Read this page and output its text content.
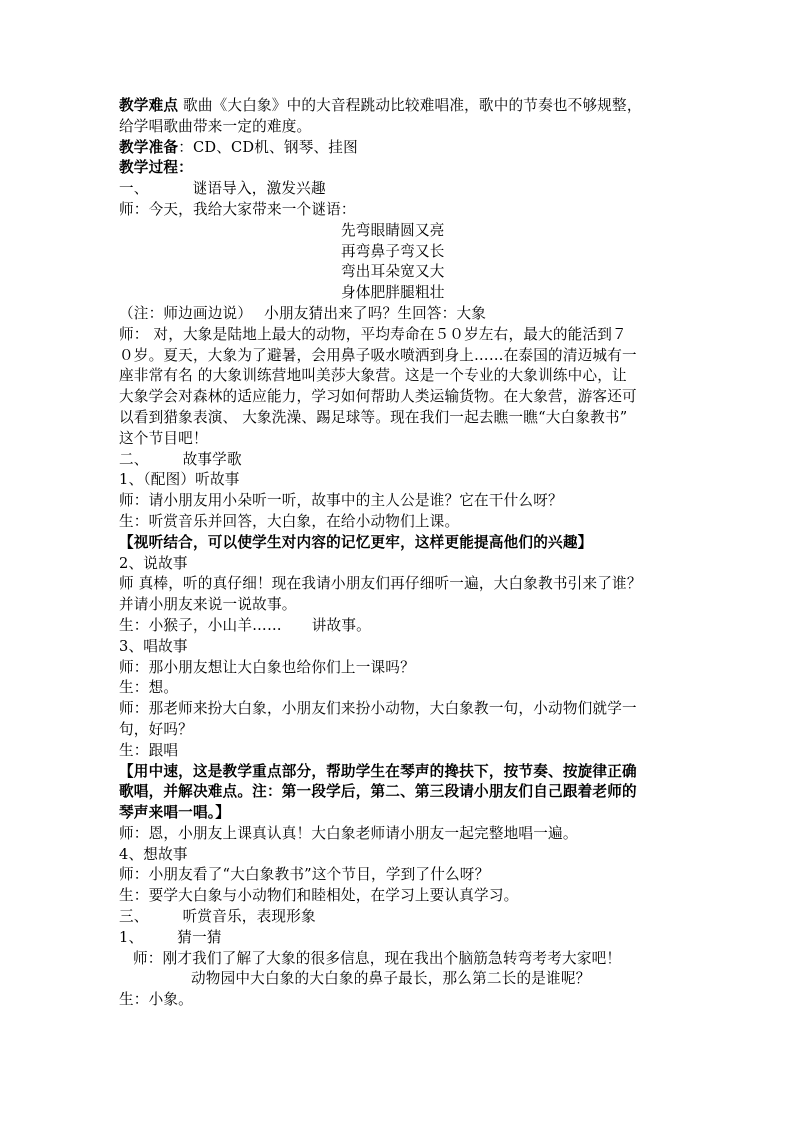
教学难点 歌曲《大白象》中的大音程跳动比较难唱准，歌中的节奏也不够规整，
给学唱歌曲带来一定的难度。
教学准备：CD、CD机、钢琴、挂图
教学过程：
一、	谜语导入，激发兴趣
师：今天，我给大家带来一个谜语：
先弯眼睛圆又亮
再弯鼻子弯又长
弯出耳朵宽又大
身体肥胖腿粗壮
（注：师边画边说） 小朋友猜出来了吗？生回答：大象
师： 对，大象是陆地上最大的动物，平均寿命在５０岁左右，最大的能活到７
０岁。夏天，大象为了避暑，会用鼻子吸水喷洒到身上……在泰国的清迈城有一
座非常有名 的大象训练营地叫美莎大象营。这是一个专业的大象训练中心，让
大象学会对森林的适应能力，学习如何帮助人类运输货物。在大象营，游客还可
以看到猎象表演、 大象洗澡、踢足球等。现在我们一起去瞧一瞧“大白象教书”
这个节目吧！
二、 故事学歌
1、（配图）听故事
师：请小朋友用小朵听一听，故事中的主人公是谁？它在干什么呀？
生：听赏音乐并回答，大白象，在给小动物们上课。
【视听结合，可以使学生对内容的记忆更牢，这样更能提高他们的兴趣】
2、说故事
师 真棒，听的真仔细！现在我请小朋友们再仔细听一遍，大白象教书引来了谁？
并请小朋友来说一说故事。
生：小猴子，小山羊…… 讲故事。
3、唱故事
师：那小朋友想让大白象也给你们上一课吗？
生：想。
师：那老师来扮大白象，小朋友们来扮小动物，大白象教一句，小动物们就学一
句，好吗？
生：跟唱
【用中速，这是教学重点部分，帮助学生在琴声的搀扶下，按节奏、按旋律正确
歌唱，并解决难点。注：第一段学后，第二、第三段请小朋友们自己跟着老师的
琴声来唱一唱。】
师：恩，小朋友上课真认真！大白象老师请小朋友一起完整地唱一遍。
4、想故事
师：小朋友看了“大白象教书”这个节目，学到了什么呀？
生：要学大白象与小动物们和睦相处，在学习上要认真学习。
三、 听赏音乐，表现形象
1、 猜一猜
师：刚才我们了解了大象的很多信息，现在我出个脑筋急转弯考考大家吧！
动物园中大白象的大白象的鼻子最长，那么第二长的是谁呢？
生：小象。
